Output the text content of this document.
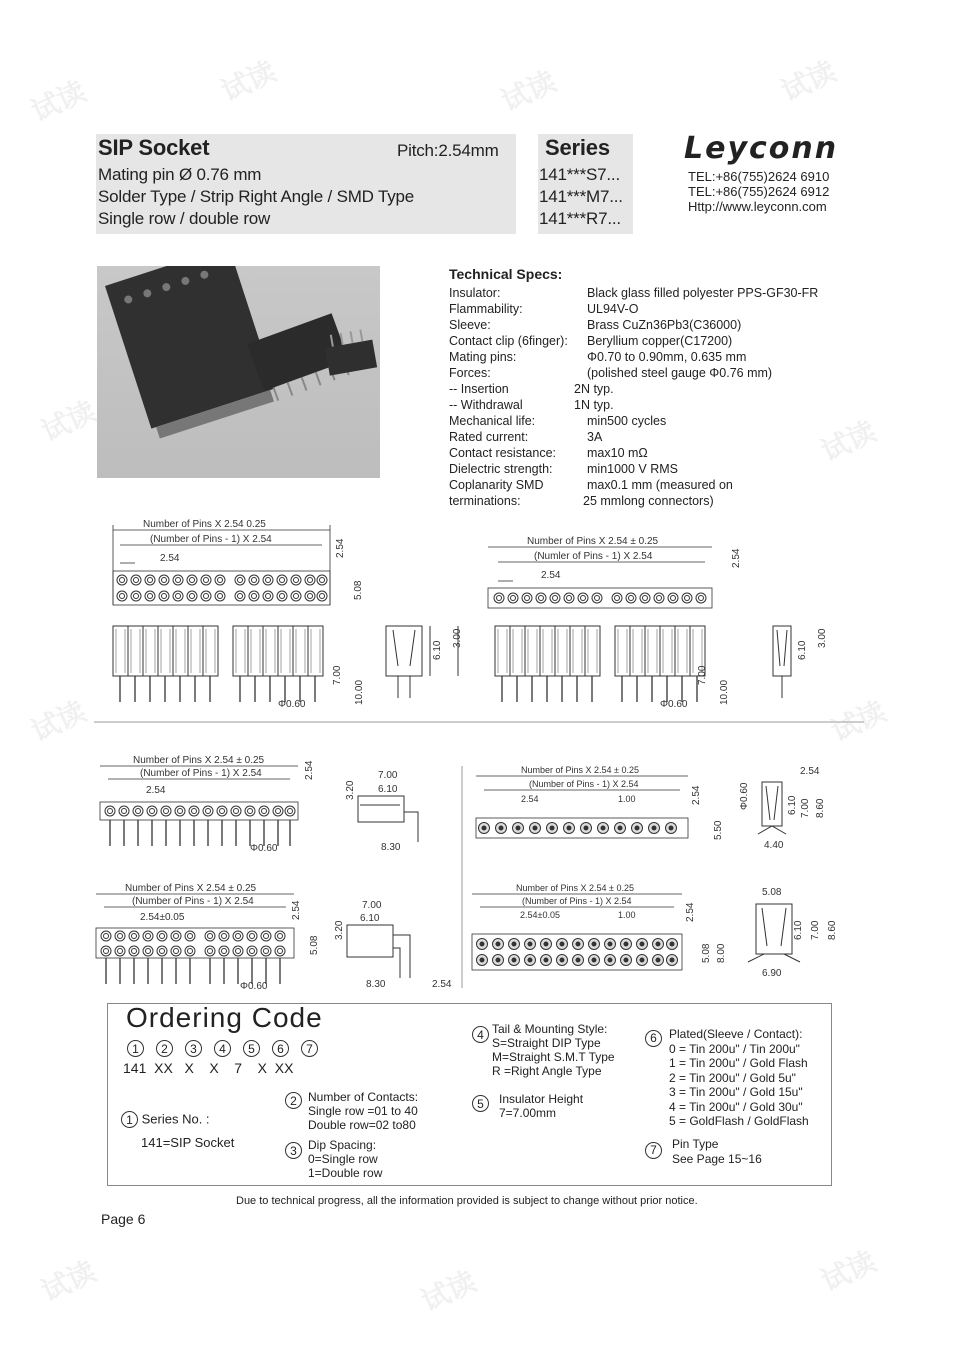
SIP Socket	Pitch:2.54mm
Mating pin Ø 0.76 mm
Solder Type / Strip Right Angle / SMD Type
Single row / double row
Series
141***S7...
141***M7...
141***R7...
Leyconn
TEL:+86(755)2624 6910
TEL:+86(755)2624 6912
Http://www.leyconn.com
Technical Specs:
Insulator:	Black glass filled polyester PPS-GF30-FR
Flammability:	UL94V-O
Sleeve:	Brass CuZn36Pb3(C36000)
Contact clip (6finger): Beryllium copper(C17200)
Mating pins:	Φ0.70 to 0.90mm, 0.635 mm
Forces:	(polished steel gauge Φ0.76 mm)
-- Insertion	2N typ.
-- Withdrawal	1N typ.
Mechanical life:	min500 cycles
Rated current:	3A
Contact resistance: max10 mΩ
Dielectric strength:	min1000 V RMS
Coplanarity SMD	max0.1 mm (measured on
terminations:	25 mmlong connectors)
Number of Pins X 2.54 0.25
(Number of Pins - 1) X 2.54
2.54
2.54
5.08
7.00
10.00
Φ0.60
6.10
3.00
Number of Pins X 2.54 ± 0.25
(Numler of Pins - 1) X 2.54
2.54
2.54
7.00
10.00
Φ0.60
6.10
3.00
Number of Pins X 2.54 ± 0.25
(Number of Pins - 1) X 2.54
2.54
2.54
Φ0.60
3.20
7.00
6.10
8.30
Number of Pins X 2.54 ± 0.25
(Number of Pins - 1) X 2.54
2.54±0.05	2.54
5.08
Φ0.60
3.20
7.00
6.10
8.30	2.54
Number of Pins X 2.54 ± 0.25
(Number of Pins - 1) X 2.54
2.54	1.00	2.54
5.50
Φ0.60
2.54
6.10 7.00 8.60
4.40
Number of Pins X 2.54 ± 0.25
(Number of Pins - 1) X 2.54
2.54±0.05	1.00	2.54
5.08 8.00
5.08
6.10 7.00 8.60
6.90
Ordering Code
1	2	3	4	5	6	7
141  XX   X    X    7    X  XX
1 Series No. :
141=SIP Socket
2 Number of Contacts:
Single row =01 to 40
Double row=02 to80
3 Dip Spacing:
0=Single row
1=Double row
4 Tail & Mounting Style:
S=Straight DIP Type
M=Straight S.M.T Type
R =Right Angle Type
5	Insulator Height
7=7.00mm
6	Plated(Sleeve / Contact):
0 = Tin 200u" / Tin 200u"
1 = Tin 200u" / Gold Flash
2 = Tin 200u" / Gold 5u"
3 = Tin 200u" / Gold 15u"
4 = Tin 200u" / Gold 30u"
5 = GoldFlash / GoldFlash
7	Pin Type
See Page 15~16
Due to technical progress, all the information provided is subject to change without prior notice.
Page 6
试读	试读	试读	试读
试读	试读
试读	试读
试读	试读	试读
